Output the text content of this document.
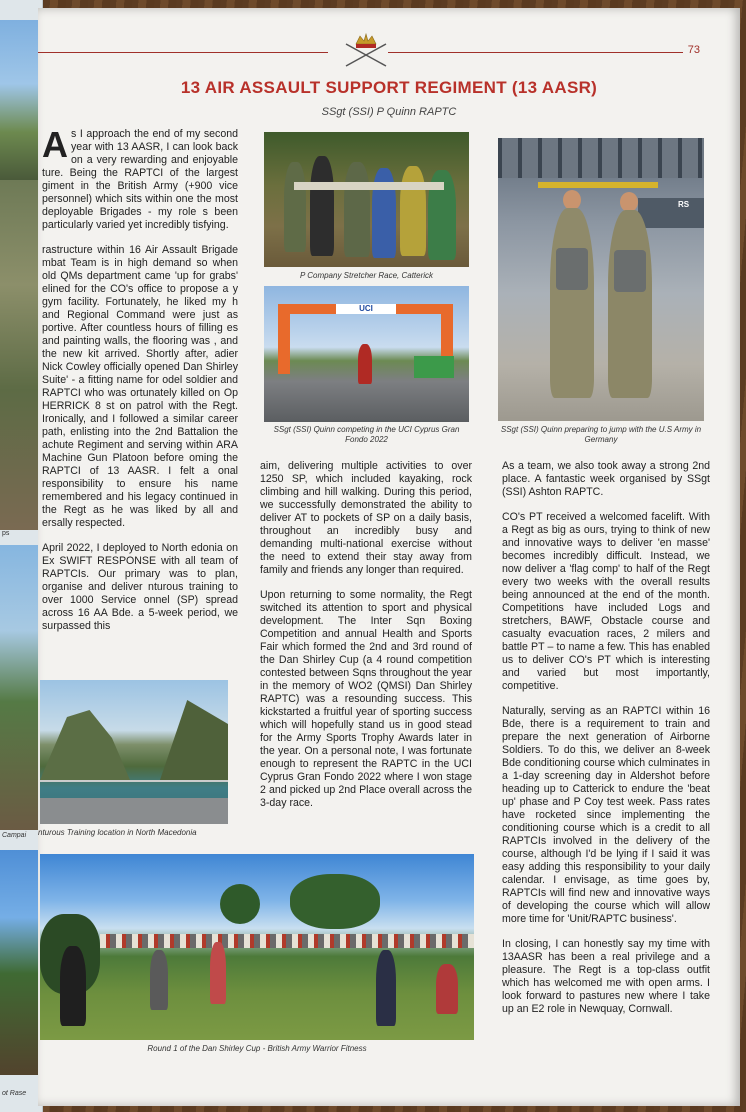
ps
Campai
ot Rase
73
13 AIR ASSAULT SUPPORT REGIMENT (13 AASR)
SSgt (SSI) P Quinn RAPTC

As I approach the end of my second year with 13 AASR, I can look back on a very rewarding and enjoyable ture. Being the RAPTCI of the largest giment in the British Army (+900 vice personnel) which sits within one the most deployable Brigades - my role s been particularly varied yet incredibly tisfying.

rastructure within 16 Air Assault Brigade mbat Team is in high demand so when old QMs department came 'up for grabs' elined for the CO's office to propose a y gym facility. Fortunately, he liked my h and Regional Command were just as portive. After countless hours of filling es and painting walls, the flooring was , and the new kit arrived. Shortly after, adier Nick Cowley officially opened Dan Shirley Suite' - a fitting name for odel soldier and RAPTCI who was ortunately killed on Op HERRICK 8 st on patrol with the Regt. Ironically, and I followed a similar career path, enlisting into the 2nd Battalion the achute Regiment and serving within ARA Machine Gun Platoon before oming the RAPTCI of 13 AASR. I felt a onal responsibility to ensure his name remembered and his legacy continued in the Regt as he was liked by all and ersally respected.

April 2022, I deployed to North edonia on Ex SWIFT RESPONSE with all team of RAPTCIs. Our primary was to plan, organise and deliver nturous training to over 1000 Service onnel (SP) spread across 16 AA Bde. a 5-week period, we surpassed this

nturous Training location in North Macedonia
P Company Stretcher Race, Catterick
UCI
SSgt (SSI) Quinn competing in the UCI Cyprus Gran Fondo 2022
RS
SSgt (SSI) Quinn preparing to jump with the U.S Army in Germany

aim, delivering multiple activities to over 1250 SP, which included kayaking, rock climbing and hill walking. During this period, we successfully demonstrated the ability to deliver AT to pockets of SP on a daily basis, throughout an incredibly busy and demanding multi-national exercise without the need to extend their stay away from family and friends any longer than required.

Upon returning to some normality, the Regt switched its attention to sport and physical development. The Inter Sqn Boxing Competition and annual Health and Sports Fair which formed the 2nd and 3rd round of the Dan Shirley Cup (a 4 round competition contested between Sqns throughout the year in the memory of WO2 (QMSI) Dan Shirley RAPTC) was a resounding success. This kickstarted a fruitful year of sporting success which will hopefully stand us in good stead for the Army Sports Trophy Awards later in the year. On a personal note, I was fortunate enough to represent the RAPTC in the UCI Cyprus Gran Fondo 2022 where I won stage 2 and picked up 2nd Place overall across the 3-day race.

As a team, we also took away a strong 2nd place. A fantastic week organised by SSgt (SSI) Ashton RAPTC.

CO's PT received a welcomed facelift. With a Regt as big as ours, trying to think of new and innovative ways to deliver 'en masse' becomes incredibly difficult. Instead, we now deliver a 'flag comp' to half of the Regt every two weeks with the overall results being announced at the end of the month. Competitions have included Logs and stretchers, BAWF, Obstacle course and casualty evacuation races, 2 milers and battle PT – to name a few. This has enabled us to deliver CO's PT which is interesting and varied but most importantly, competitive.

Naturally, serving as an RAPTCI within 16 Bde, there is a requirement to train and prepare the next generation of Airborne Soldiers. To do this, we deliver an 8-week Bde conditioning course which culminates in a 1-day screening day in Aldershot before heading up to Catterick to endure the 'beat up' phase and P Coy test week. Pass rates have rocketed since implementing the conditioning course which is a credit to all RAPTCIs involved in the delivery of the course, although I'd be lying if I said it was easy adding this responsibility to your daily calendar. I envisage, as time goes by, RAPTCIs will find new and innovative ways of developing the course which will allow more time for 'Unit/RAPTC business'.

In closing, I can honestly say my time with 13AASR has been a real privilege and a pleasure. The Regt is a top-class outfit which has welcomed me with open arms. I look forward to pastures new where I take up an E2 role in Newquay, Cornwall.

Round 1 of the Dan Shirley Cup - British Army Warrior Fitness
